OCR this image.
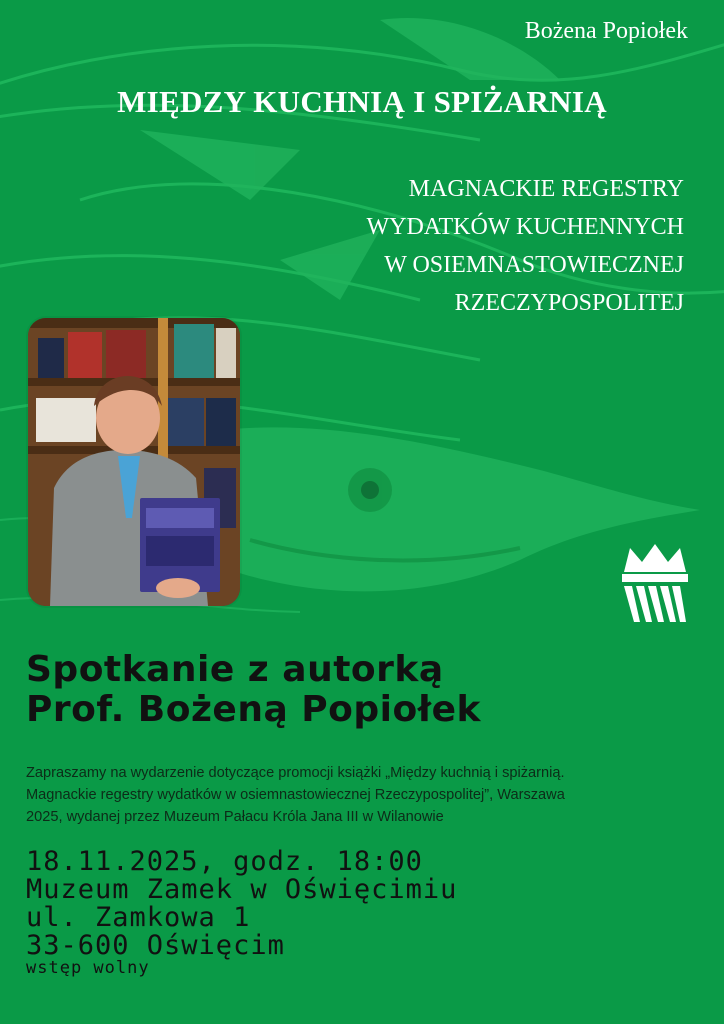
Bożena Popiołek
MIĘDZY KUCHNIĄ I SPIŻARNIĄ
MAGNACKIE REGESTRY
WYDATKÓW KUCHENNYCH
W OSIEMNASTOWIECZNEJ
RZECZYPOSPOLITEJ
Spotkanie z autorką
Prof. Bożeną Popiołek
Zapraszamy na wydarzenie dotyczące promocji książki „Między kuchnią i spiżarnią.
Magnackie regestry wydatków w osiemnastowiecznej Rzeczypospolitej”, Warszawa
2025, wydanej przez Muzeum Pałacu Króla Jana III w Wilanowie
18.11.2025, godz. 18:00
Muzeum Zamek w Oświęcimiu
ul. Zamkowa 1
33-600 Oświęcim
wstęp wolny
